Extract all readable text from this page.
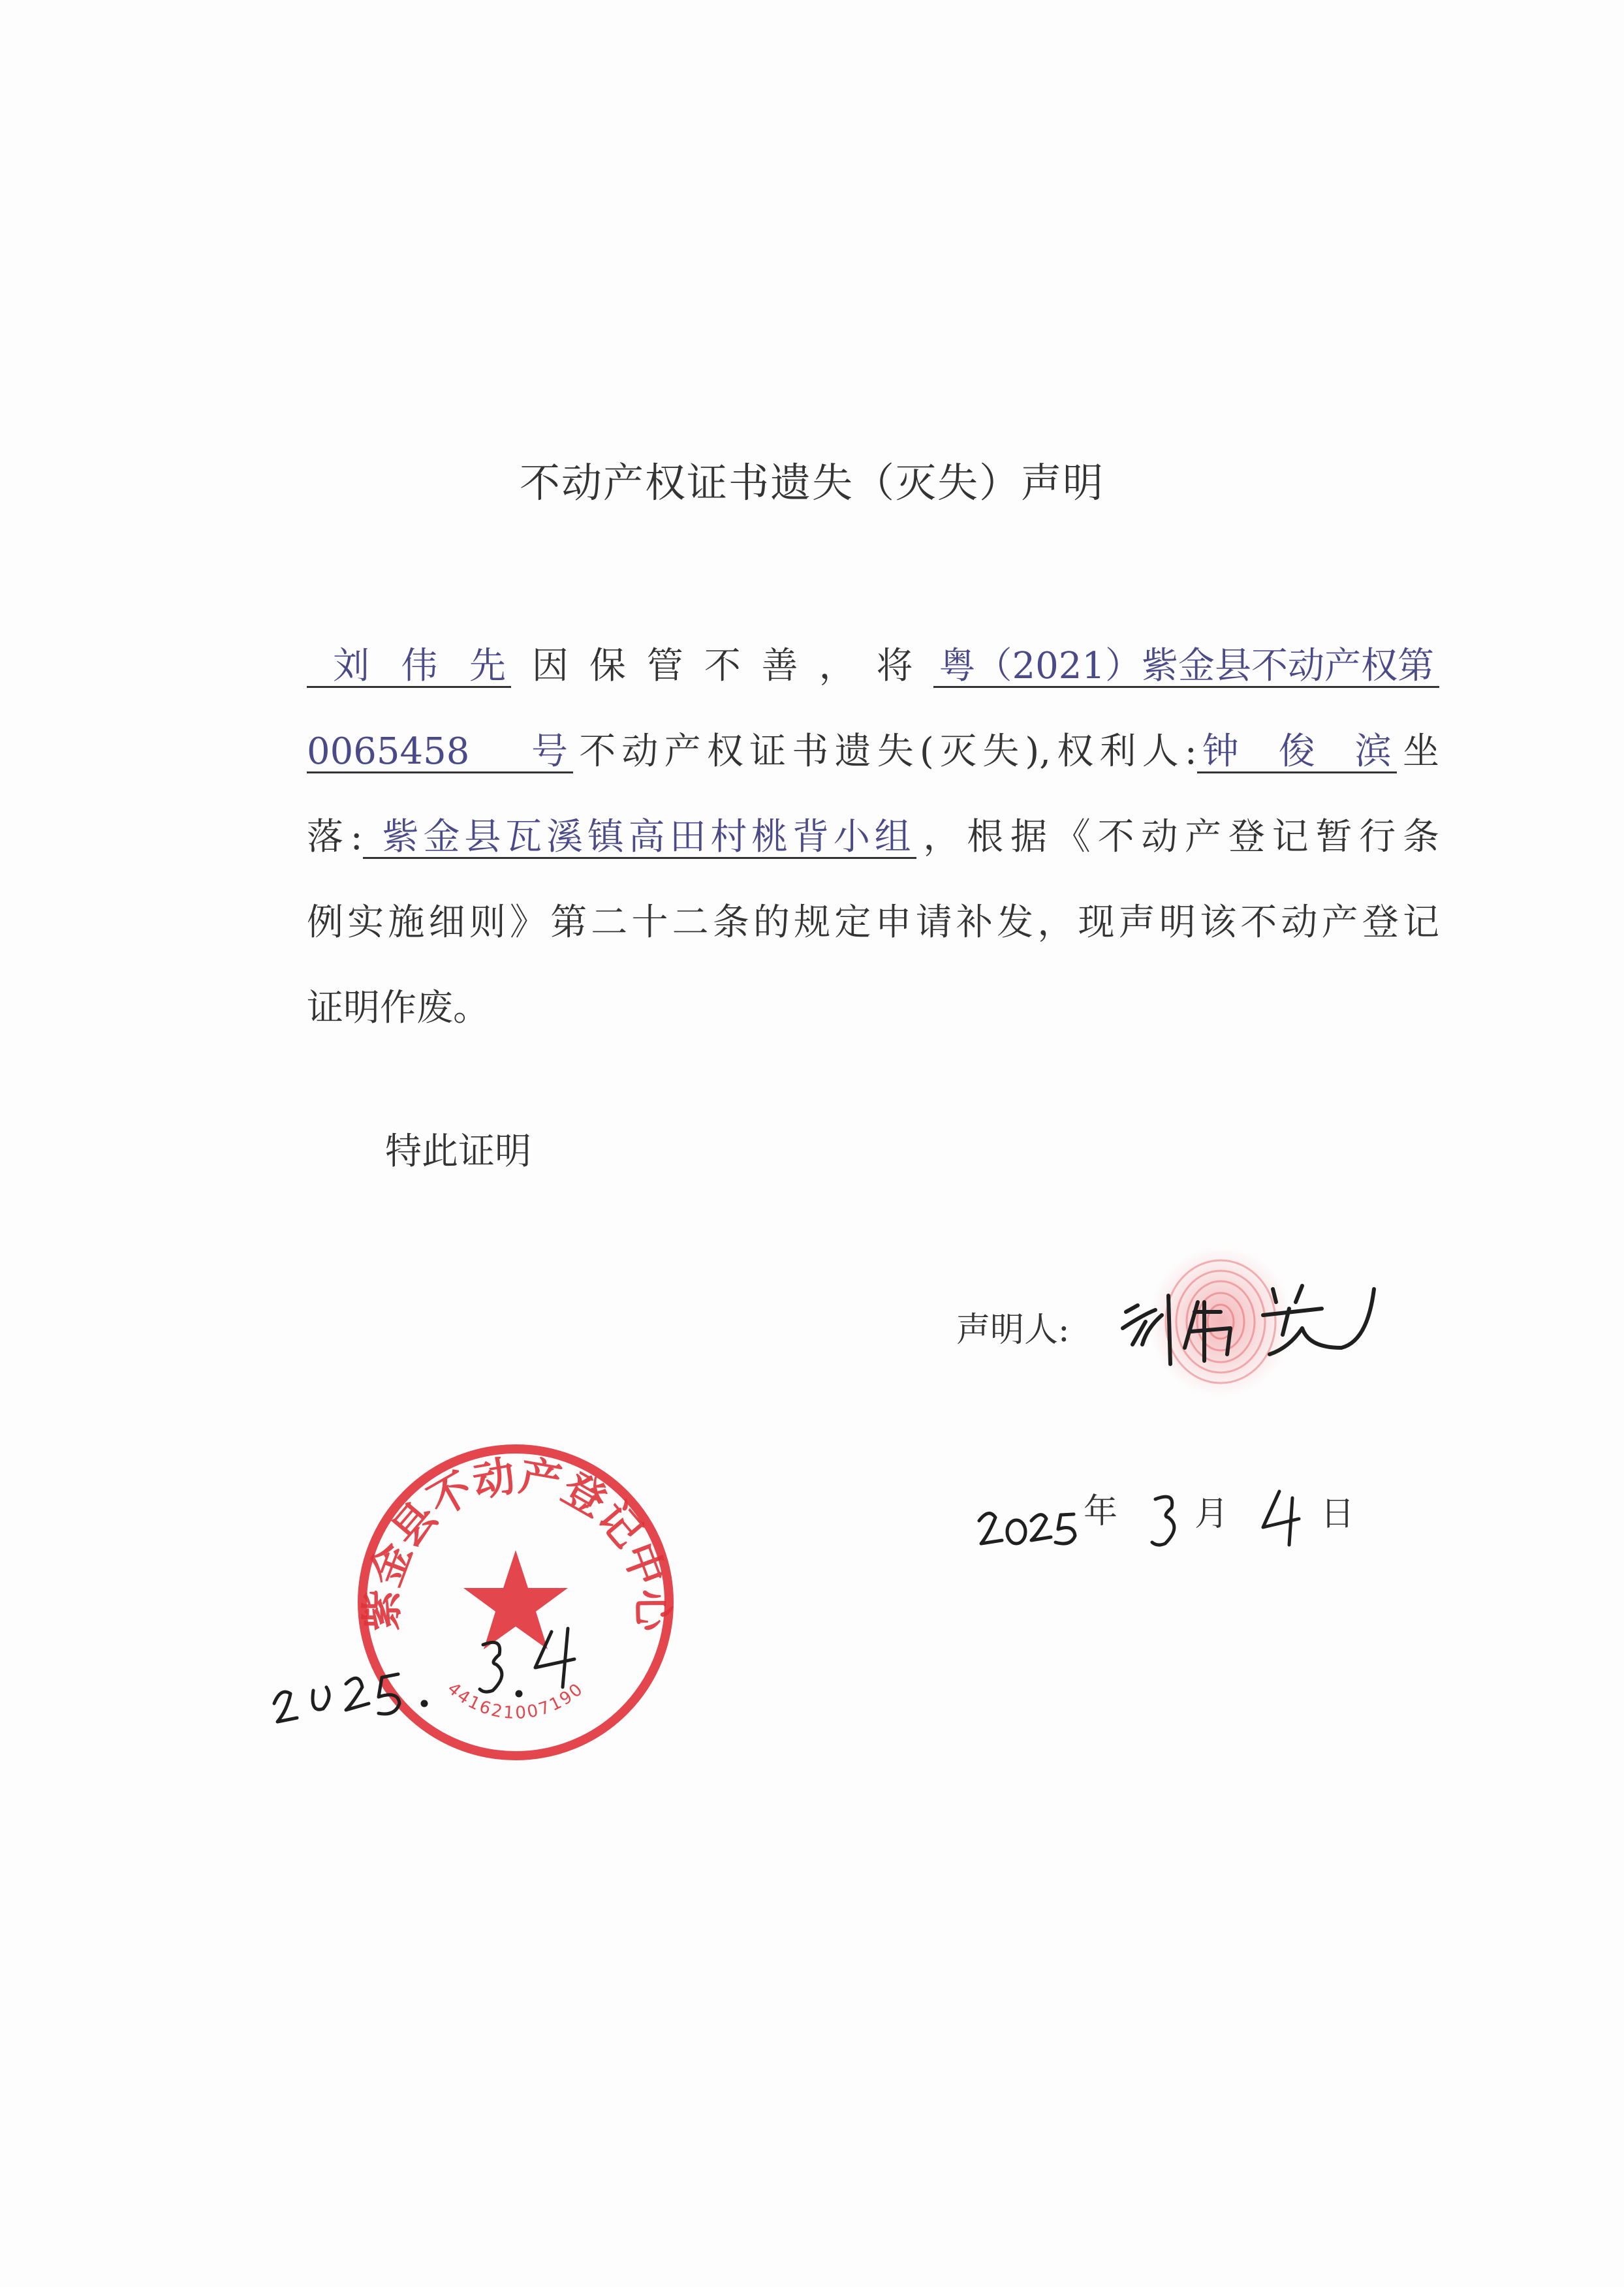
不动产权证书遗失（灭失）声明
刘伟先 因保管不善，将 粤（2021）紫金县不动产权第
0065458号 不动产权证书遗失(灭失),权利人: 钟俊滨 坐
落: 紫金县瓦溪镇高田村桃背小组 ，根据《不动产登记暂行条
例实施细则》第二十二条的规定申请补发，现声明该不动产登记
证明作废。
特此证明
声明人:
年 月	日
紫金县不动产登记中心
441621007190
